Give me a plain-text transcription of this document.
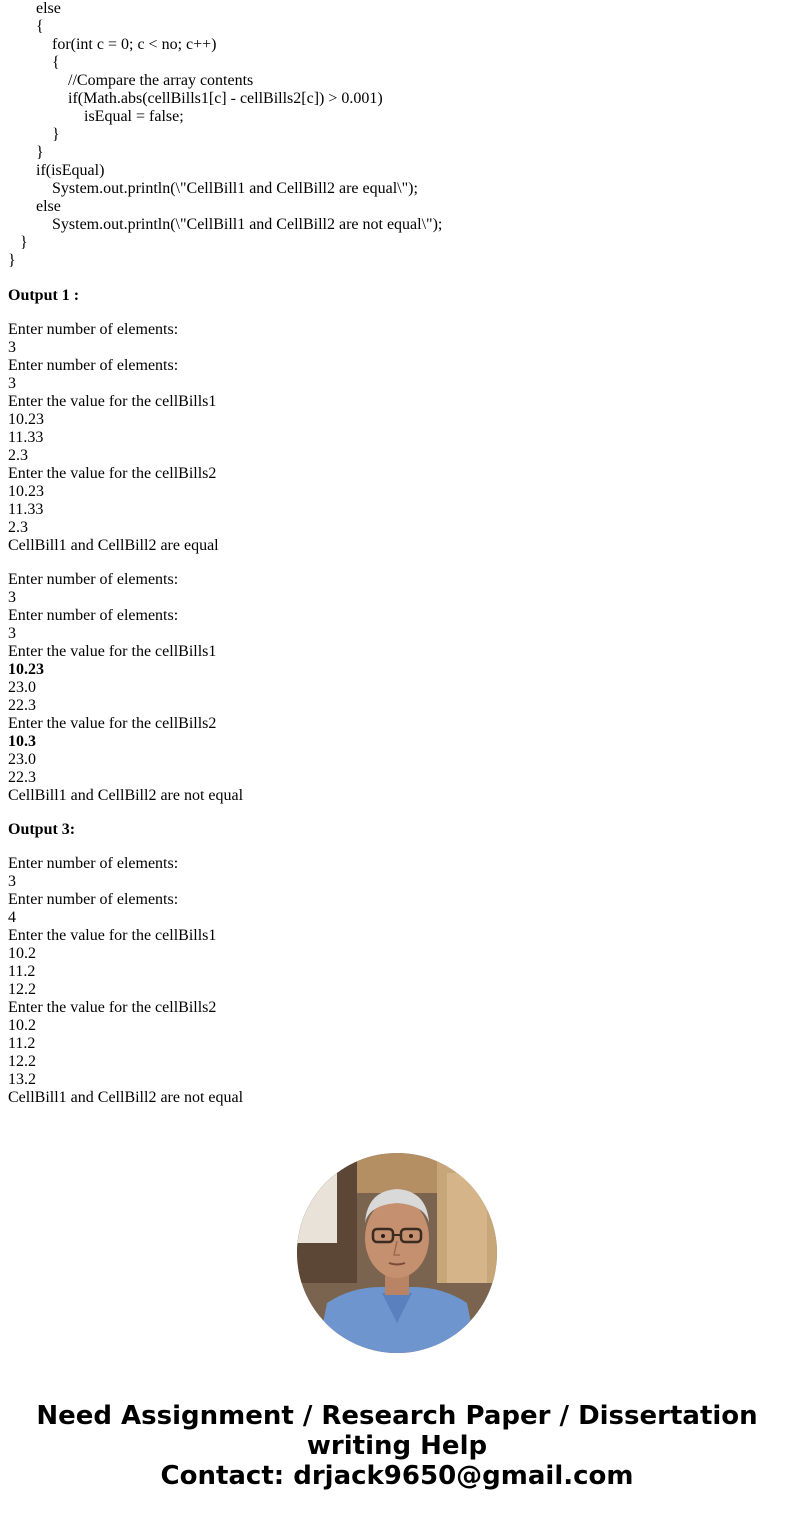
else
{
for(int c = 0; c < no; c++)
{
//Compare the array contents
if(Math.abs(cellBills1[c] - cellBills2[c]) > 0.001)
isEqual = false;
}
}
if(isEqual)
System.out.println(\"CellBill1 and CellBill2 are equal\");
else
System.out.println(\"CellBill1 and CellBill2 are not equal\");
}
}
Output 1 :
Enter number of elements:
3
Enter number of elements:
3
Enter the value for the cellBills1
10.23
11.33
2.3
Enter the value for the cellBills2
10.23
11.33
2.3
CellBill1 and CellBill2 are equal
Enter number of elements:
3
Enter number of elements:
3
Enter the value for the cellBills1
10.23
23.0
22.3
Enter the value for the cellBills2
10.3
23.0
22.3
CellBill1 and CellBill2 are not equal
Output 3:
Enter number of elements:
3
Enter number of elements:
4
Enter the value for the cellBills1
10.2
11.2
12.2
Enter the value for the cellBills2
10.2
11.2
12.2
13.2
CellBill1 and CellBill2 are not equal
Need Assignment / Research Paper / Dissertation
writing Help
Contact: drjack9650@gmail.com
